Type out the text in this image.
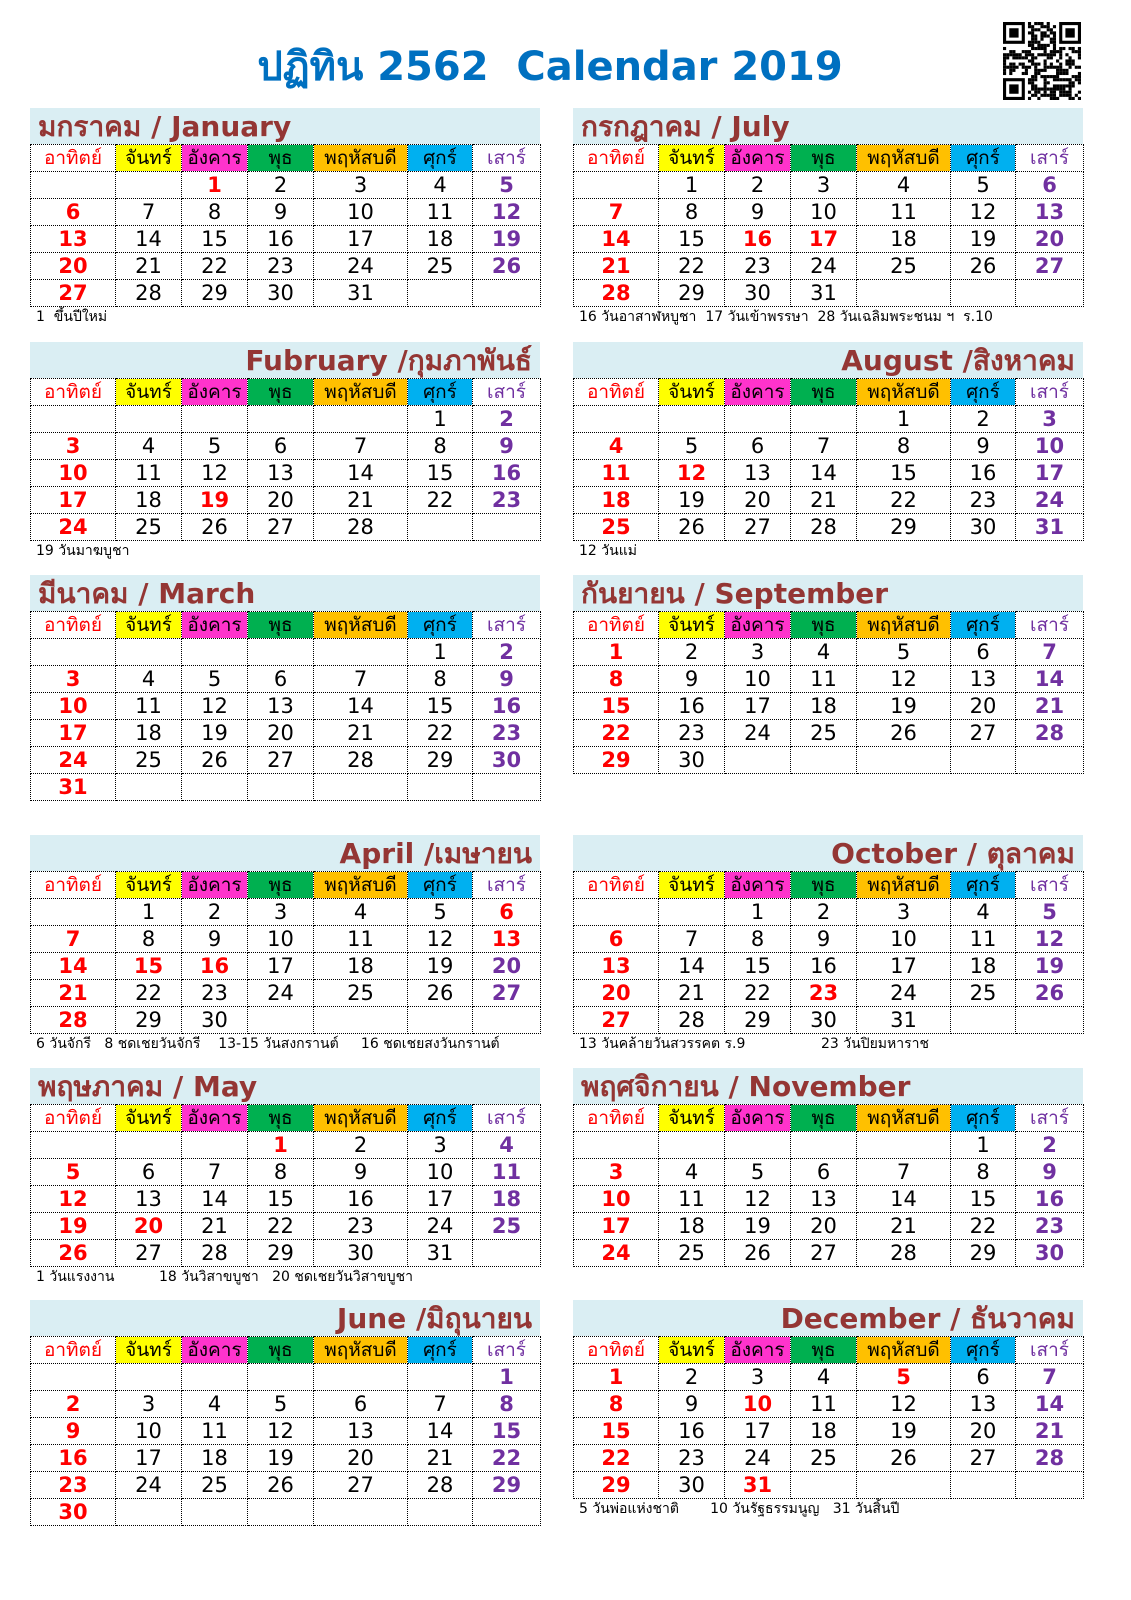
ปฏิทิน 2562  Calendar 2019
มกราคม / January
อาทิตย์	จันทร์	อังคาร	พุธ	พฤหัสบดี	ศุกร์	เสาร์
		1	2	3	4	5
6	7	8	9	10	11	12
13	14	15	16	17	18	19
20	21	22	23	24	25	26
27	28	29	30	31		
1  ขึ้นปีใหม่
Fubruary /กุมภาพันธ์
อาทิตย์	จันทร์	อังคาร	พุธ	พฤหัสบดี	ศุกร์	เสาร์
					1	2
3	4	5	6	7	8	9
10	11	12	13	14	15	16
17	18	19	20	21	22	23
24	25	26	27	28		
19 วันมาฆบูชา
มีนาคม / March
อาทิตย์	จันทร์	อังคาร	พุธ	พฤหัสบดี	ศุกร์	เสาร์
					1	2
3	4	5	6	7	8	9
10	11	12	13	14	15	16
17	18	19	20	21	22	23
24	25	26	27	28	29	30
31						
April /เมษายน
อาทิตย์	จันทร์	อังคาร	พุธ	พฤหัสบดี	ศุกร์	เสาร์
	1	2	3	4	5	6
7	8	9	10	11	12	13
14	15	16	17	18	19	20
21	22	23	24	25	26	27
28	29	30				
6 วันจักรี   8 ชดเชยวันจักรี    13-15 วันสงกรานต์     16 ชดเชยสงวันกรานต์
พฤษภาคม / May
อาทิตย์	จันทร์	อังคาร	พุธ	พฤหัสบดี	ศุกร์	เสาร์
			1	2	3	4
5	6	7	8	9	10	11
12	13	14	15	16	17	18
19	20	21	22	23	24	25
26	27	28	29	30	31	
1 วันแรงงาน          18 วันวิสาขบูชา   20 ชดเชยวันวิสาขบูชา
June /มิถุนายน
อาทิตย์	จันทร์	อังคาร	พุธ	พฤหัสบดี	ศุกร์	เสาร์
						1
2	3	4	5	6	7	8
9	10	11	12	13	14	15
16	17	18	19	20	21	22
23	24	25	26	27	28	29
30						
กรกฎาคม / July
อาทิตย์	จันทร์	อังคาร	พุธ	พฤหัสบดี	ศุกร์	เสาร์
	1	2	3	4	5	6
7	8	9	10	11	12	13
14	15	16	17	18	19	20
21	22	23	24	25	26	27
28	29	30	31			
16 วันอาสาฬหบูชา  17 วันเข้าพรรษา  28 วันเฉลิมพระชนม ฯ  ร.10
August /สิงหาคม
อาทิตย์	จันทร์	อังคาร	พุธ	พฤหัสบดี	ศุกร์	เสาร์
				1	2	3
4	5	6	7	8	9	10
11	12	13	14	15	16	17
18	19	20	21	22	23	24
25	26	27	28	29	30	31
12 วันแม่
กันยายน / September
อาทิตย์	จันทร์	อังคาร	พุธ	พฤหัสบดี	ศุกร์	เสาร์
1	2	3	4	5	6	7
8	9	10	11	12	13	14
15	16	17	18	19	20	21
22	23	24	25	26	27	28
29	30					
October / ตุลาคม
อาทิตย์	จันทร์	อังคาร	พุธ	พฤหัสบดี	ศุกร์	เสาร์
		1	2	3	4	5
6	7	8	9	10	11	12
13	14	15	16	17	18	19
20	21	22	23	24	25	26
27	28	29	30	31		
13 วันคล้ายวันสวรรคต ร.9                 23 วันปิยมหาราช
พฤศจิกายน / November
อาทิตย์	จันทร์	อังคาร	พุธ	พฤหัสบดี	ศุกร์	เสาร์
					1	2
3	4	5	6	7	8	9
10	11	12	13	14	15	16
17	18	19	20	21	22	23
24	25	26	27	28	29	30
December / ธันวาคม
อาทิตย์	จันทร์	อังคาร	พุธ	พฤหัสบดี	ศุกร์	เสาร์
1	2	3	4	5	6	7
8	9	10	11	12	13	14
15	16	17	18	19	20	21
22	23	24	25	26	27	28
29	30	31				
5 วันพ่อแห่งชาติ       10 วันรัฐธรรมนูญ   31 วันสิ้นปี
